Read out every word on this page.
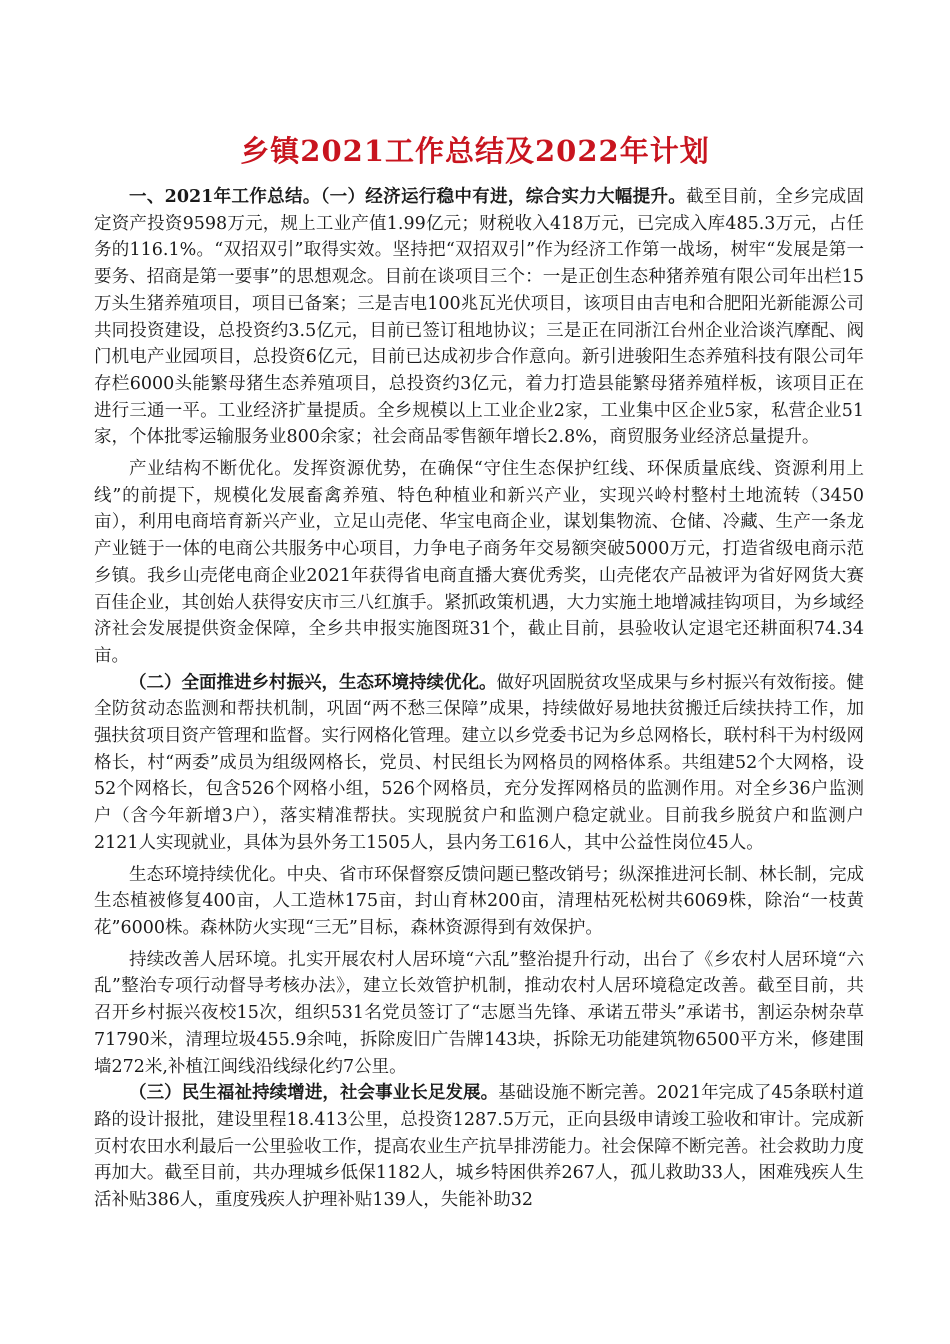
乡镇2021工作总结及2022年计划

一、2021年工作总结。（一）经济运行稳中有进，综合实力大幅提升。截至目前，全乡完成固定资产投资9598万元，规上工业产值1.99亿元；财税收入418万元，已完成入库485.3万元，占任务的116.1%。“双招双引”取得实效。坚持把“双招双引”作为经济工作第一战场，树牢“发展是第一要务、招商是第一要事”的思想观念。目前在谈项目三个：一是正创生态种猪养殖有限公司年出栏15万头生猪养殖项目，项目已备案；三是吉电100兆瓦光伏项目，该项目由吉电和合肥阳光新能源公司共同投资建设，总投资约3.5亿元，目前已签订租地协议；三是正在同浙江台州企业洽谈汽摩配、阀门机电产业园项目，总投资6亿元，目前已达成初步合作意向。新引进骏阳生态养殖科技有限公司年存栏6000头能繁母猪生态养殖项目，总投资约3亿元，着力打造县能繁母猪养殖样板，该项目正在进行三通一平。工业经济扩量提质。全乡规模以上工业企业2家，工业集中区企业5家，私营企业51家，个体批零运输服务业800余家；社会商品零售额年增长2.8%，商贸服务业经济总量提升。

产业结构不断优化。发挥资源优势，在确保“守住生态保护红线、环保质量底线、资源利用上线”的前提下，规模化发展畜禽养殖、特色种植业和新兴产业，实现兴岭村整村土地流转（3450亩），利用电商培育新兴产业，立足山売佬、华宝电商企业，谋划集物流、仓储、冷藏、生产一条龙产业链于一体的电商公共服务中心项目，力争电子商务年交易额突破5000万元，打造省级电商示范乡镇。我乡山売佬电商企业2021年获得省电商直播大赛优秀奖，山壳佬农产品被评为省好网货大赛百佳企业，其创始人获得安庆市三八红旗手。紧抓政策机遇，大力实施土地增减挂钩项目，为乡域经济社会发展提供资金保障，全乡共申报实施图斑31个，截止目前，县验收认定退宅还耕面积74.34亩。

（二）全面推进乡村振兴，生态环境持续优化。做好巩固脱贫攻坚成果与乡村振兴有效衔接。健全防贫动态监测和帮扶机制，巩固“两不愁三保障”成果，持续做好易地扶贫搬迁后续扶持工作，加强扶贫项目资产管理和监督。实行网格化管理。建立以乡党委书记为乡总网格长，联村科干为村级网格长，村“两委”成员为组级网格长，党员、村民组长为网格员的网格体系。共组建52个大网格，设52个网格长，包含526个网格小组，526个网格员，充分发挥网格员的监测作用。对全乡36户监测户（含今年新增3户），落实精准帮扶。实现脱贫户和监测户稳定就业。目前我乡脱贫户和监测户2121人实现就业，具体为县外务工1505人，县内务工616人，其中公益性岗位45人。

生态环境持续优化。中央、省市环保督察反馈问题已整改销号；纵深推进河长制、林长制，完成生态植被修复400亩，人工造林175亩，封山育林200亩，清理枯死松树共6069株，除治“一枝黄花”6000株。森林防火实现“三无”目标，森林资源得到有效保护。

持续改善人居环境。扎实开展农村人居环境“六乱”整治提升行动，出台了《乡农村人居环境“六乱”整治专项行动督导考核办法》，建立长效管护机制，推动农村人居环境稳定改善。截至目前，共召开乡村振兴夜校15次，组织531名党员签订了“志愿当先锋、承诺五带头”承诺书，割运杂树杂草71790米，清理垃圾455.9余吨，拆除废旧广告牌143块，拆除无功能建筑物6500平方米，修建围墙272米,补植江闽线沿线绿化约7公里。

（三）民生福祉持续增进，社会事业长足发展。基础设施不断完善。2021年完成了45条联村道路的设计报批，建设里程18.413公里，总投资1287.5万元，正向县级申请竣工验收和审计。完成新页村农田水利最后一公里验收工作，提高农业生产抗旱排涝能力。社会保障不断完善。社会救助力度再加大。截至目前，共办理城乡低保1182人，城乡特困供养267人，孤儿救助33人，困难残疾人生活补贴386人，重度残疾人护理补贴139人，失能补助32
